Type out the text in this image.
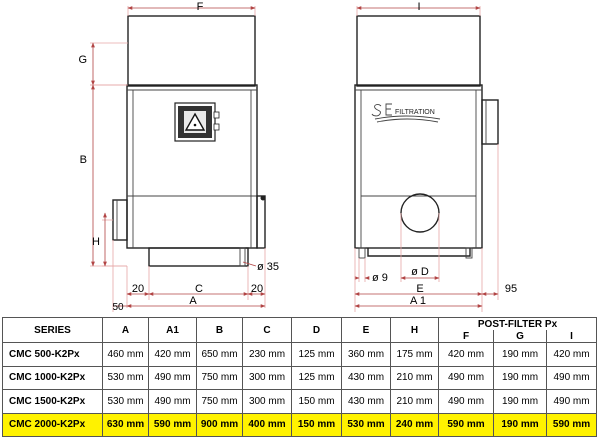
F
G
B
H
20	C	20
A
50
ø 35
FILTRATION
I
ø D
ø 9
E	95
A 1
SERIES	A	A1	B	C	D	E	H	POST-FILTER Px		
								F	G	I
CMC 500-K2Px	460 mm	420 mm	650 mm	230 mm	125 mm	360 mm	175 mm	420 mm	190 mm	420 mm
CMC 1000-K2Px	530 mm	490 mm	750 mm	300 mm	125 mm	430 mm	210 mm	490 mm	190 mm	490 mm
CMC 1500-K2Px	530 mm	490 mm	750 mm	300 mm	150 mm	430 mm	210 mm	490 mm	190 mm	490 mm
CMC 2000-K2Px	630 mm	590 mm	900 mm	400 mm	150 mm	530 mm	240 mm	590 mm	190 mm	590 mm
